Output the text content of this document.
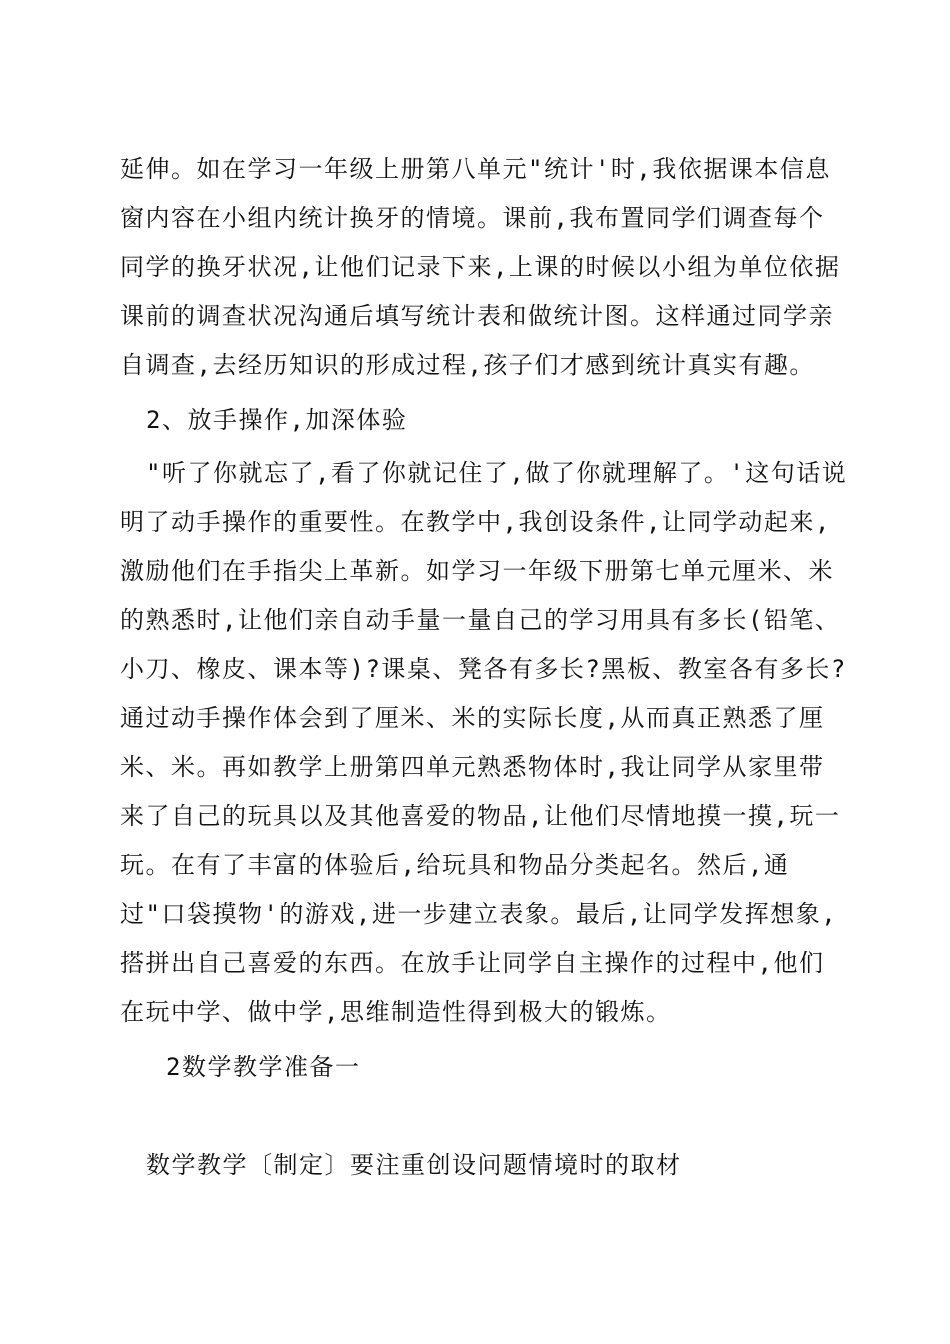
延伸。如在学习一年级上册第八单元"统计'时,我依据课本信息
窗内容在小组内统计换牙的情境。课前,我布置同学们调查每个
同学的换牙状况,让他们记录下来,上课的时候以小组为单位依据
课前的调查状况沟通后填写统计表和做统计图。这样通过同学亲
自调查,去经历知识的形成过程,孩子们才感到统计真实有趣。
2、放手操作,加深体验
"听了你就忘了,看了你就记住了,做了你就理解了。'这句话说
明了动手操作的重要性。在教学中,我创设条件,让同学动起来,
激励他们在手指尖上革新。如学习一年级下册第七单元厘米、米
的熟悉时,让他们亲自动手量一量自己的学习用具有多长(铅笔、
小刀、橡皮、课本等)?课桌、凳各有多长?黑板、教室各有多长?
通过动手操作体会到了厘米、米的实际长度,从而真正熟悉了厘
米、米。再如教学上册第四单元熟悉物体时,我让同学从家里带
来了自己的玩具以及其他喜爱的物品,让他们尽情地摸一摸,玩一
玩。在有了丰富的体验后,给玩具和物品分类起名。然后,通
过"口袋摸物'的游戏,进一步建立表象。最后,让同学发挥想象,
搭拼出自己喜爱的东西。在放手让同学自主操作的过程中,他们
在玩中学、做中学,思维制造性得到极大的锻炼。
2数学教学准备一
数学教学〔制定〕要注重创设问题情境时的取材
